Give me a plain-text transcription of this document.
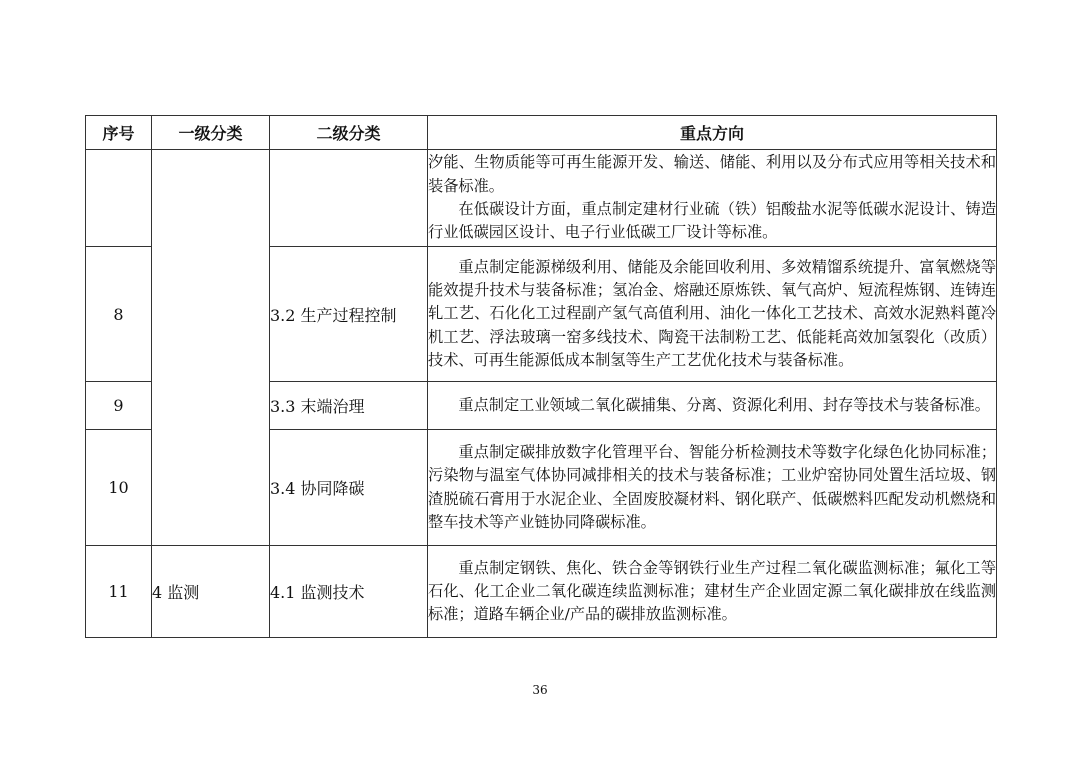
序号	一级分类	二级分类	重点方向

			汐能、生物质能等可再生能源开发、输送、储能、利用以及分布式应用等相关技术和装备标准。

在低碳设计方面，重点制定建材行业硫（铁）铝酸盐水泥等低碳水泥设计、铸造行业低碳园区设计、电子行业低碳工厂设计等标准。

8		3.2 生产过程控制	重点制定能源梯级利用、储能及余能回收利用、多效精馏系统提升、富氧燃烧等能效提升技术与装备标准；氢冶金、熔融还原炼铁、氧气高炉、短流程炼钢、连铸连轧工艺、石化化工过程副产氢气高值利用、油化一体化工艺技术、高效水泥熟料蓖冷机工艺、浮法玻璃一窑多线技术、陶瓷干法制粉工艺、低能耗高效加氢裂化（改质）技术、可再生能源低成本制氢等生产工艺优化技术与装备标准。

9		3.3 末端治理	重点制定工业领域二氧化碳捕集、分离、资源化利用、封存等技术与装备标准。

10		3.4 协同降碳	重点制定碳排放数字化管理平台、智能分析检测技术等数字化绿色化协同标准；污染物与温室气体协同减排相关的技术与装备标准；工业炉窑协同处置生活垃圾、钢渣脱硫石膏用于水泥企业、全固废胶凝材料、钢化联产、低碳燃料匹配发动机燃烧和整车技术等产业链协同降碳标准。

11	4 监测	4.1 监测技术	重点制定钢铁、焦化、铁合金等钢铁行业生产过程二氧化碳监测标准；氟化工等石化、化工企业二氧化碳连续监测标准；建材生产企业固定源二氧化碳排放在线监测标准；道路车辆企业/产品的碳排放监测标准。

36
